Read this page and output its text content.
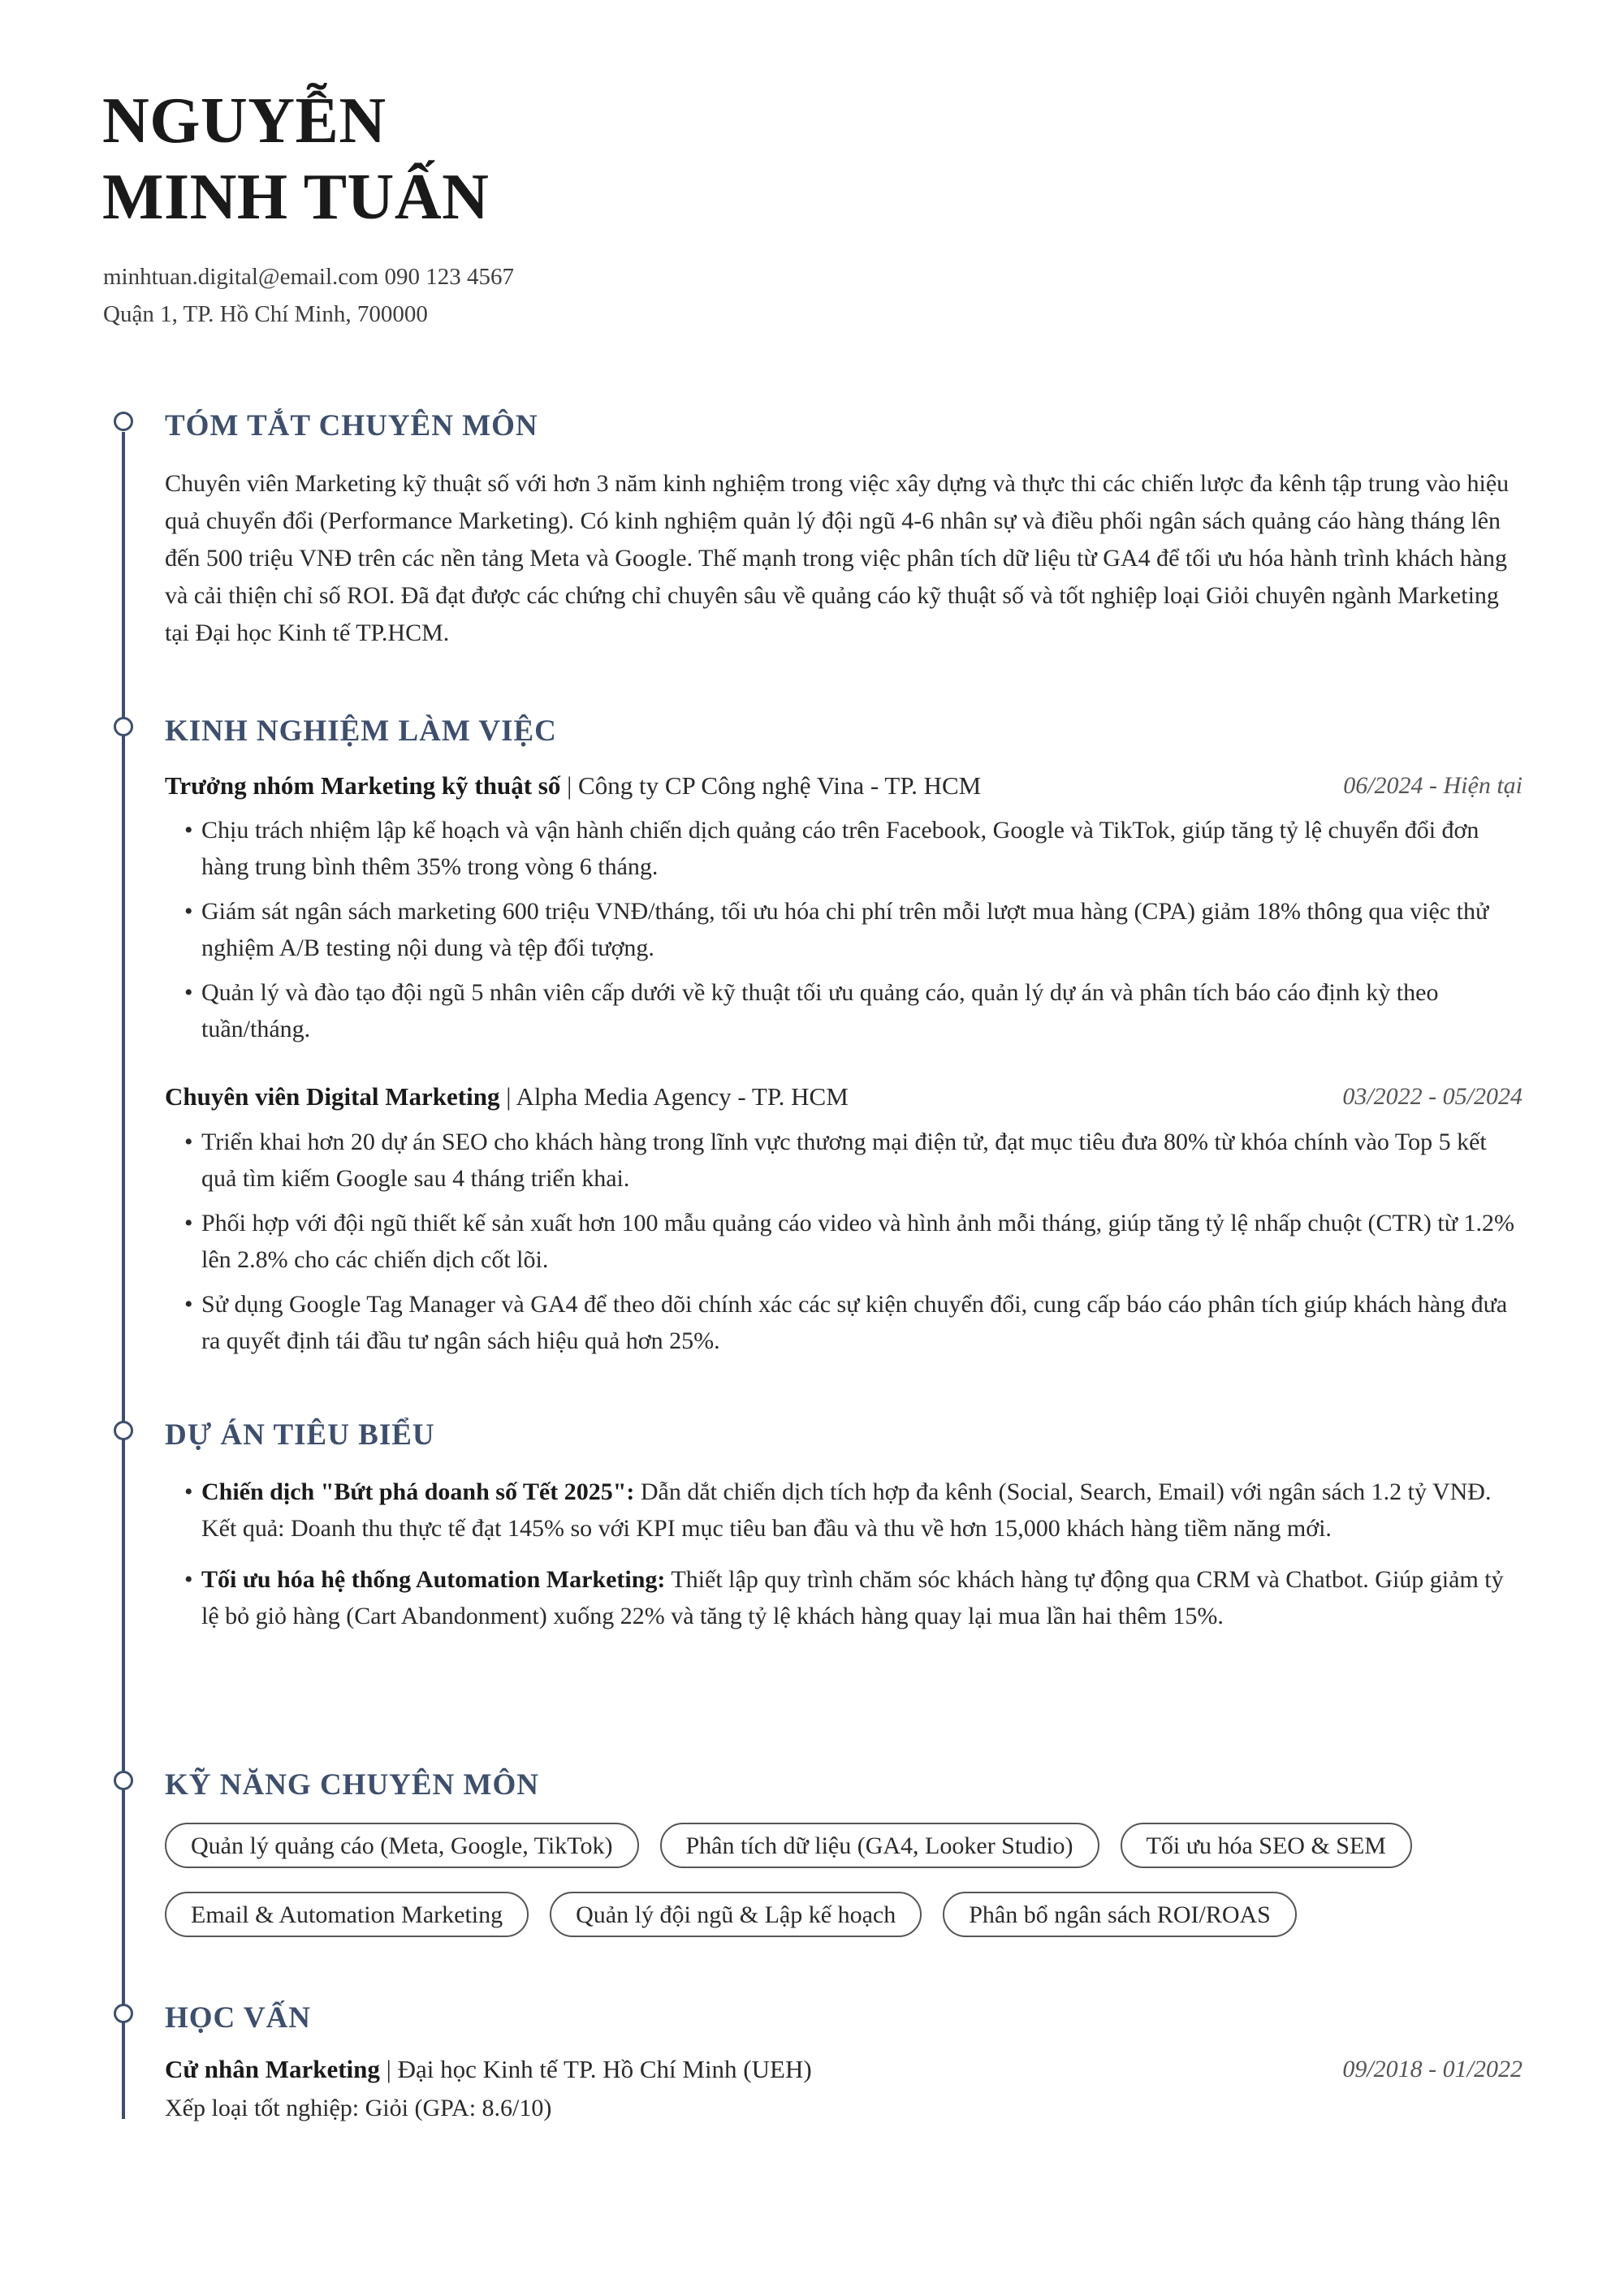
NGUYỄN
MINH TUẤN
minhtuan.digital@email.com 090 123 4567
Quận 1, TP. Hồ Chí Minh, 700000
TÓM TẮT CHUYÊN MÔN
Chuyên viên Marketing kỹ thuật số với hơn 3 năm kinh nghiệm trong việc xây dựng và thực thi các chiến lược đa kênh tập trung vào hiệu quả chuyển đổi (Performance Marketing). Có kinh nghiệm quản lý đội ngũ 4-6 nhân sự và điều phối ngân sách quảng cáo hàng tháng lên đến 500 triệu VNĐ trên các nền tảng Meta và Google. Thế mạnh trong việc phân tích dữ liệu từ GA4 để tối ưu hóa hành trình khách hàng và cải thiện chỉ số ROI. Đã đạt được các chứng chỉ chuyên sâu về quảng cáo kỹ thuật số và tốt nghiệp loại Giỏi chuyên ngành Marketing tại Đại học Kinh tế TP.HCM.
KINH NGHIỆM LÀM VIỆC
Trưởng nhóm Marketing kỹ thuật số | Công ty CP Công nghệ Vina - TP. HCM	06/2024 - Hiện tại
• Chịu trách nhiệm lập kế hoạch và vận hành chiến dịch quảng cáo trên Facebook, Google và TikTok, giúp tăng tỷ lệ chuyển đổi đơn hàng trung bình thêm 35% trong vòng 6 tháng.
• Giám sát ngân sách marketing 600 triệu VNĐ/tháng, tối ưu hóa chi phí trên mỗi lượt mua hàng (CPA) giảm 18% thông qua việc thử nghiệm A/B testing nội dung và tệp đối tượng.
• Quản lý và đào tạo đội ngũ 5 nhân viên cấp dưới về kỹ thuật tối ưu quảng cáo, quản lý dự án và phân tích báo cáo định kỳ theo tuần/tháng.
Chuyên viên Digital Marketing | Alpha Media Agency - TP. HCM	03/2022 - 05/2024
• Triển khai hơn 20 dự án SEO cho khách hàng trong lĩnh vực thương mại điện tử, đạt mục tiêu đưa 80% từ khóa chính vào Top 5 kết quả tìm kiếm Google sau 4 tháng triển khai.
• Phối hợp với đội ngũ thiết kế sản xuất hơn 100 mẫu quảng cáo video và hình ảnh mỗi tháng, giúp tăng tỷ lệ nhấp chuột (CTR) từ 1.2% lên 2.8% cho các chiến dịch cốt lõi.
• Sử dụng Google Tag Manager và GA4 để theo dõi chính xác các sự kiện chuyển đổi, cung cấp báo cáo phân tích giúp khách hàng đưa ra quyết định tái đầu tư ngân sách hiệu quả hơn 25%.
DỰ ÁN TIÊU BIỂU
• Chiến dịch "Bứt phá doanh số Tết 2025": Dẫn dắt chiến dịch tích hợp đa kênh (Social, Search, Email) với ngân sách 1.2 tỷ VNĐ. Kết quả: Doanh thu thực tế đạt 145% so với KPI mục tiêu ban đầu và thu về hơn 15,000 khách hàng tiềm năng mới.
• Tối ưu hóa hệ thống Automation Marketing: Thiết lập quy trình chăm sóc khách hàng tự động qua CRM và Chatbot. Giúp giảm tỷ lệ bỏ giỏ hàng (Cart Abandonment) xuống 22% và tăng tỷ lệ khách hàng quay lại mua lần hai thêm 15%.
KỸ NĂNG CHUYÊN MÔN
Quản lý quảng cáo (Meta, Google, TikTok)	Phân tích dữ liệu (GA4, Looker Studio)	Tối ưu hóa SEO & SEM
Email & Automation Marketing	Quản lý đội ngũ & Lập kế hoạch	Phân bổ ngân sách ROI/ROAS
HỌC VẤN
Cử nhân Marketing | Đại học Kinh tế TP. Hồ Chí Minh (UEH)	09/2018 - 01/2022
Xếp loại tốt nghiệp: Giỏi (GPA: 8.6/10)
